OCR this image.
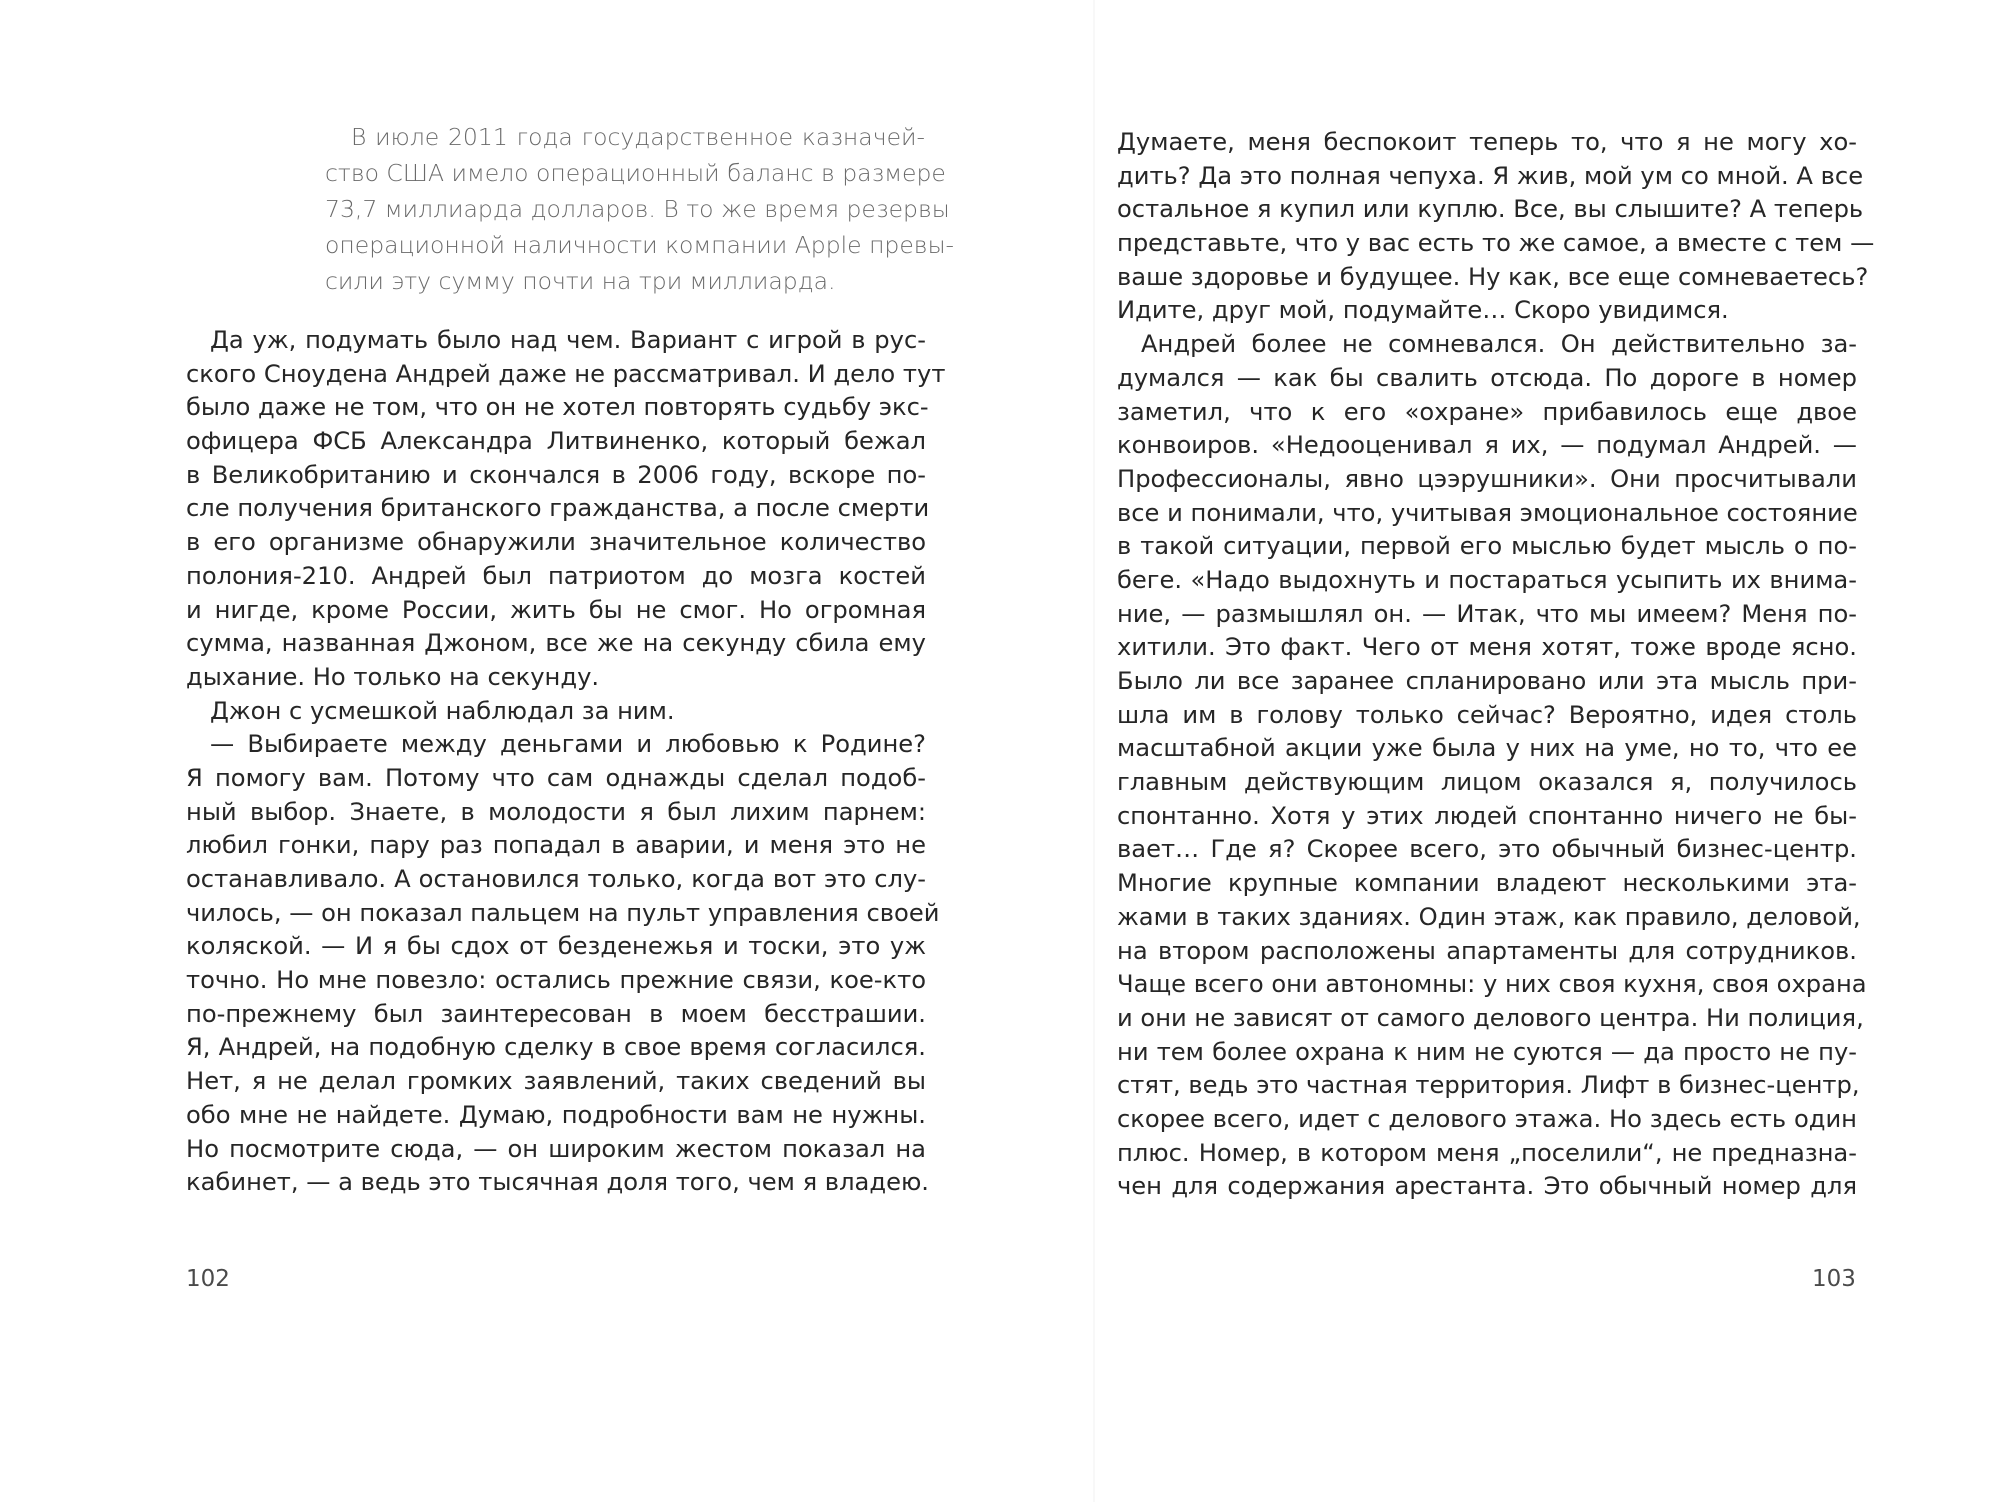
В июле 2011 года государственное казначей-
ство США имело операционный баланс в размере
73,7 миллиарда долларов. В то же время резервы
операционной наличности компании Apple превы-
сили эту сумму почти на три миллиарда.
Да уж, подумать было над чем. Вариант с игрой в рус-
ского Сноудена Андрей даже не рассматривал. И дело тут
было даже не том, что он не хотел повторять судьбу экс-
офицера ФСБ Александра Литвиненко, который бежал
в Великобританию и скончался в 2006 году, вскоре по-
сле получения британского гражданства, а после смерти
в его организме обнаружили значительное количество
полония-210. Андрей был патриотом до мозга костей
и нигде, кроме России, жить бы не смог. Но огромная
сумма, названная Джоном, все же на секунду сбила ему
дыхание. Но только на секунду.
Джон с усмешкой наблюдал за ним.
— Выбираете между деньгами и любовью к Родине?
Я помогу вам. Потому что сам однажды сделал подоб-
ный выбор. Знаете, в молодости я был лихим парнем:
любил гонки, пару раз попадал в аварии, и меня это не
останавливало. А остановился только, когда вот это слу-
чилось, — он показал пальцем на пульт управления своей
коляской. — И я бы сдох от безденежья и тоски, это уж
точно. Но мне повезло: остались прежние связи, кое-кто
по-прежнему был заинтересован в моем бесстрашии.
Я, Андрей, на подобную сделку в свое время согласился.
Нет, я не делал громких заявлений, таких сведений вы
обо мне не найдете. Думаю, подробности вам не нужны.
Но посмотрите сюда, — он широким жестом показал на
кабинет, — а ведь это тысячная доля того, чем я владею.
102
Думаете, меня беспокоит теперь то, что я не могу хо-
дить? Да это полная чепуха. Я жив, мой ум со мной. А все
остальное я купил или куплю. Все, вы слышите? А теперь
представьте, что у вас есть то же самое, а вместе с тем —
ваше здоровье и будущее. Ну как, все еще сомневаетесь?
Идите, друг мой, подумайте… Скоро увидимся.
Андрей более не сомневался. Он действительно за-
думался — как бы свалить отсюда. По дороге в номер
заметил, что к его «охране» прибавилось еще двое
конвоиров. «Недооценивал я их, — подумал Андрей. —
Профессионалы, явно цээрушники». Они просчитывали
все и понимали, что, учитывая эмоциональное состояние
в такой ситуации, первой его мыслью будет мысль о по-
беге. «Надо выдохнуть и постараться усыпить их внима-
ние, — размышлял он. — Итак, что мы имеем? Меня по-
хитили. Это факт. Чего от меня хотят, тоже вроде ясно.
Было ли все заранее спланировано или эта мысль при-
шла им в голову только сейчас? Вероятно, идея столь
масштабной акции уже была у них на уме, но то, что ее
главным действующим лицом оказался я, получилось
спонтанно. Хотя у этих людей спонтанно ничего не бы-
вает… Где я? Скорее всего, это обычный бизнес-центр.
Многие крупные компании владеют несколькими эта-
жами в таких зданиях. Один этаж, как правило, деловой,
на втором расположены апартаменты для сотрудников.
Чаще всего они автономны: у них своя кухня, своя охрана
и они не зависят от самого делового центра. Ни полиция,
ни тем более охрана к ним не суются — да просто не пу-
стят, ведь это частная территория. Лифт в бизнес-центр,
скорее всего, идет с делового этажа. Но здесь есть один
плюс. Номер, в котором меня „поселили“, не предназна-
чен для содержания арестанта. Это обычный номер для
103
